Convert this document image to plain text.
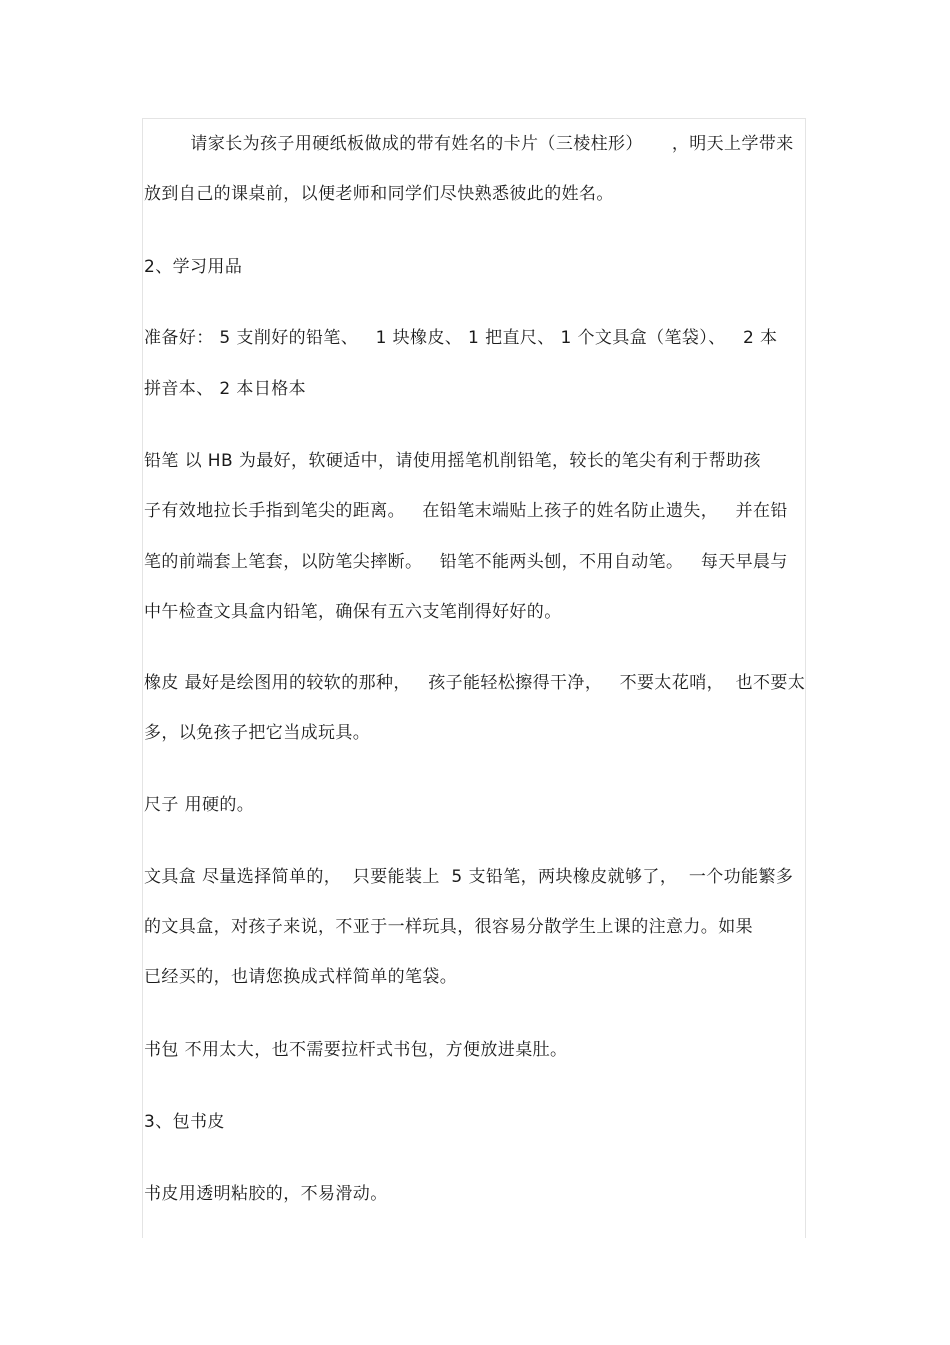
请家长为孩子用硬纸板做成的带有姓名的卡片（三棱柱形）     ，明天上学带来
放到自己的课桌前，以便老师和同学们尽快熟悉彼此的姓名。
2、学习用品
准备好： 5 支削好的铅笔、   1 块橡皮、 1 把直尺、 1 个文具盒（笔袋）、   2 本
拼音本、 2 本日格本
铅笔 以 HB 为最好，软硬适中，请使用摇笔机削铅笔，较长的笔尖有利于帮助孩
子有效地拉长手指到笔尖的距离。   在铅笔末端贴上孩子的姓名防止遗失，   并在铅
笔的前端套上笔套，以防笔尖摔断。   铅笔不能两头刨，不用自动笔。   每天早晨与
中午检查文具盒内铅笔，确保有五六支笔削得好好的。
橡皮 最好是绘图用的较软的那种，   孩子能轻松擦得干净，   不要太花哨，  也不要太
多，以免孩子把它当成玩具。
尺子 用硬的。
文具盒 尽量选择简单的，  只要能装上  5 支铅笔，两块橡皮就够了，  一个功能繁多
的文具盒，对孩子来说，不亚于一样玩具，很容易分散学生上课的注意力。如果
已经买的，也请您换成式样简单的笔袋。
书包 不用太大，也不需要拉杆式书包，方便放进桌肚。
3、包书皮
书皮用透明粘胶的，不易滑动。
